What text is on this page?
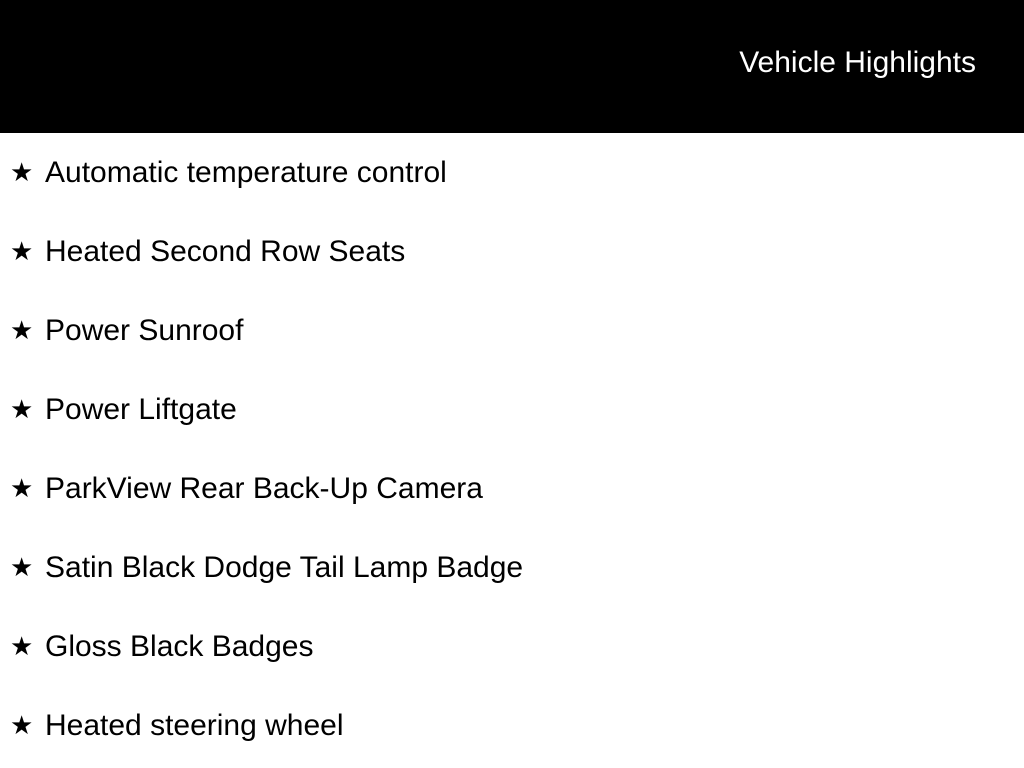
Vehicle Highlights
★ Automatic temperature control
★ Heated Second Row Seats
★ Power Sunroof
★ Power Liftgate
★ ParkView Rear Back-Up Camera
★ Satin Black Dodge Tail Lamp Badge
★ Gloss Black Badges
★ Heated steering wheel
